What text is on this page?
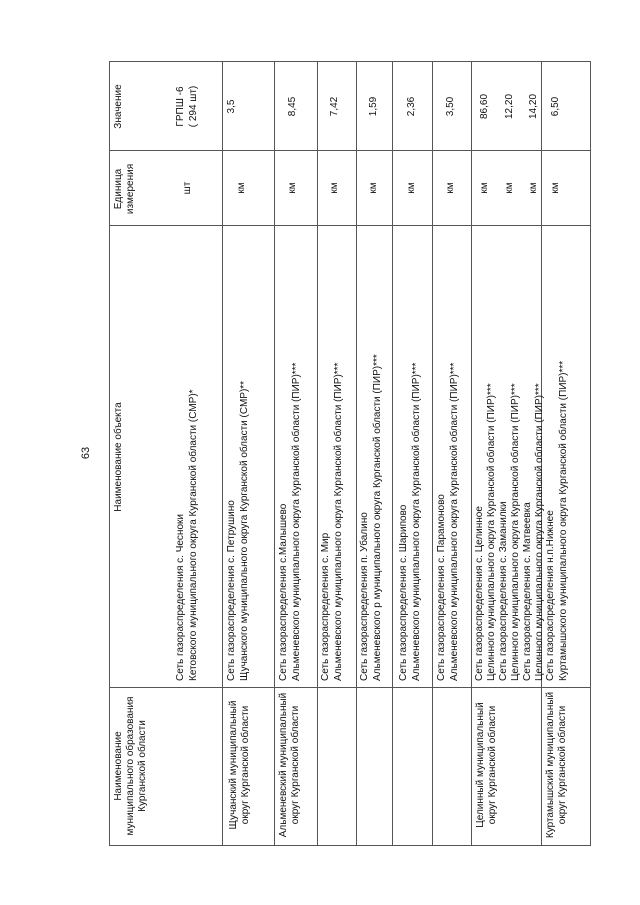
63
Наименование муниципального образования Курганской области
Наименование объекта
Единица измерения
Значение
Сеть газораспределения с. Чесноки Кетовского муниципального округа Курганской области (СМР)*
шт
ГРПШ -6 ( 294 шт)
Щучанский муниципальный округ Курганской области
Сеть газораспределения с. Петрушино Щучанского муниципального округа Курганской области (СМР)**
км
3,5
Альменевский муниципальный округ Курганской области
Сеть газораспределения с.Малышево Альменевского муниципального округа Курганской области (ПИР)***
км
8,45
Сеть газораспределения с. Мир Альменевского муниципального округа Курганской области (ПИР)***
км
7,42
Сеть газораспределения п. Убалино Альменевского р муниципального округа Курганской области (ПИР)***
км
1,59
Сеть газораспределения с. Шарипово Альменевского муниципального округа Курганской области (ПИР)***
км
2,36
Сеть газораспределения с. Парамоново Альменевского муниципального округа Курганской области (ПИР)***
км
3,50
Целинный муниципальный округ Курганской области
Сеть газораспределения с. Целинное Целинного муниципального округа Курганской области (ПИР)***
км
86,60
Сеть газораспределения с. Заманилки Целинного муниципального округа Курганской области (ПИР)***
км
12,20
Сеть газораспределения с. Матвеевка Целинного муниципального округа Курганской области (ПИР)***
км
14,20
Куртамышский муниципальный округ Курганской области
Сеть газораспределения н.п.Нижнее Куртамышского муниципального округа Курганской области (ПИР)***
км
6,50
